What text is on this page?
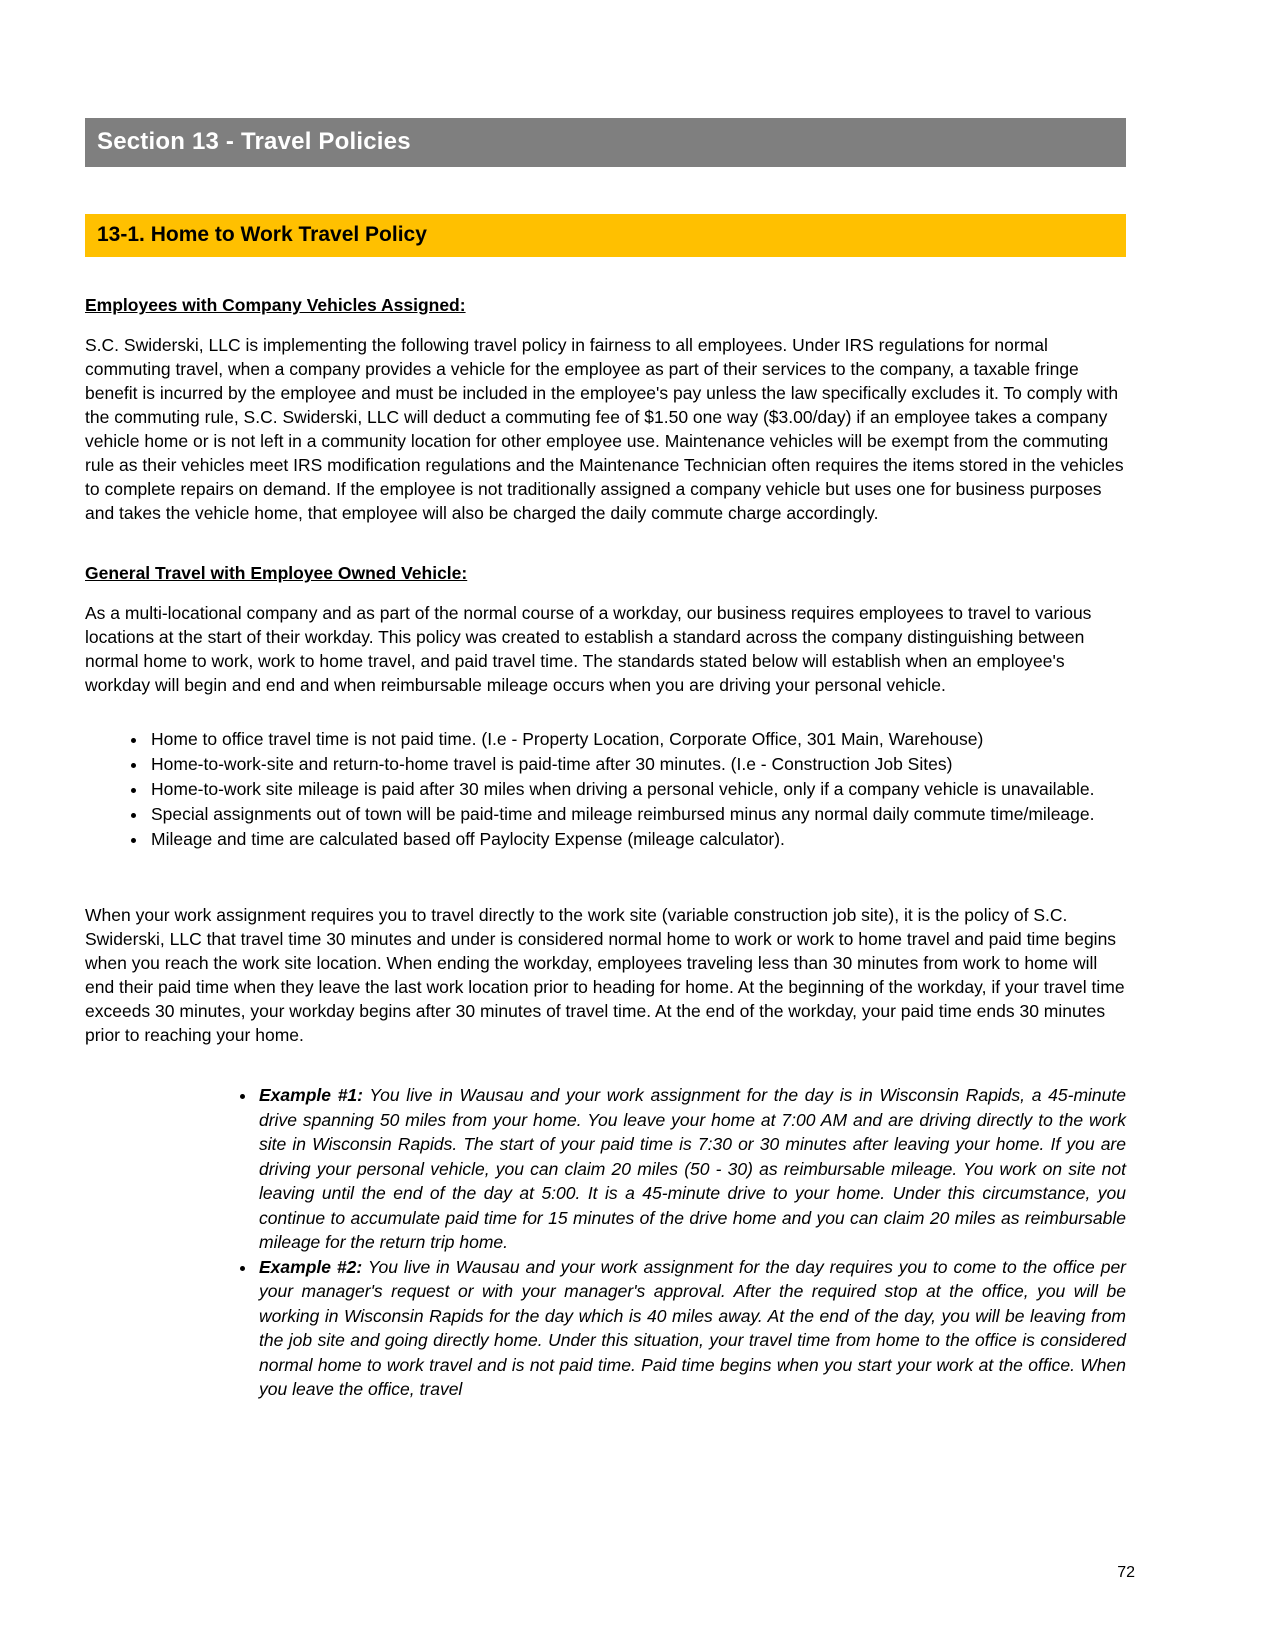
Section 13 - Travel Policies
13-1. Home to Work Travel Policy
Employees with Company Vehicles Assigned:

S.C. Swiderski, LLC is implementing the following travel policy in fairness to all employees. Under IRS regulations for normal commuting travel, when a company provides a vehicle for the employee as part of their services to the company, a taxable fringe benefit is incurred by the employee and must be included in the employee's pay unless the law specifically excludes it. To comply with the commuting rule, S.C. Swiderski, LLC will deduct a commuting fee of $1.50 one way ($3.00/day) if an employee takes a company vehicle home or is not left in a community location for other employee use. Maintenance vehicles will be exempt from the commuting rule as their vehicles meet IRS modification regulations and the Maintenance Technician often requires the items stored in the vehicles to complete repairs on demand. If the employee is not traditionally assigned a company vehicle but uses one for business purposes and takes the vehicle home, that employee will also be charged the daily commute charge accordingly.

General Travel with Employee Owned Vehicle:

As a multi-locational company and as part of the normal course of a workday, our business requires employees to travel to various locations at the start of their workday. This policy was created to establish a standard across the company distinguishing between normal home to work, work to home travel, and paid travel time. The standards stated below will establish when an employee's workday will begin and end and when reimbursable mileage occurs when you are driving your personal vehicle.

• Home to office travel time is not paid time. (I.e - Property Location, Corporate Office, 301 Main, Warehouse)
• Home-to-work-site and return-to-home travel is paid-time after 30 minutes. (I.e - Construction Job Sites)
• Home-to-work site mileage is paid after 30 miles when driving a personal vehicle, only if a company vehicle is unavailable.
• Special assignments out of town will be paid-time and mileage reimbursed minus any normal daily commute time/mileage.
• Mileage and time are calculated based off Paylocity Expense (mileage calculator).

When your work assignment requires you to travel directly to the work site (variable construction job site), it is the policy of S.C. Swiderski, LLC that travel time 30 minutes and under is considered normal home to work or work to home travel and paid time begins when you reach the work site location. When ending the workday, employees traveling less than 30 minutes from work to home will end their paid time when they leave the last work location prior to heading for home. At the beginning of the workday, if your travel time exceeds 30 minutes, your workday begins after 30 minutes of travel time. At the end of the workday, your paid time ends 30 minutes prior to reaching your home.

• Example #1: You live in Wausau and your work assignment for the day is in Wisconsin Rapids, a 45-minute drive spanning 50 miles from your home. You leave your home at 7:00 AM and are driving directly to the work site in Wisconsin Rapids. The start of your paid time is 7:30 or 30 minutes after leaving your home. If you are driving your personal vehicle, you can claim 20 miles (50 - 30) as reimbursable mileage. You work on site not leaving until the end of the day at 5:00. It is a 45-minute drive to your home. Under this circumstance, you continue to accumulate paid time for 15 minutes of the drive home and you can claim 20 miles as reimbursable mileage for the return trip home.
• Example #2: You live in Wausau and your work assignment for the day requires you to come to the office per your manager's request or with your manager's approval. After the required stop at the office, you will be working in Wisconsin Rapids for the day which is 40 miles away. At the end of the day, you will be leaving from the job site and going directly home. Under this situation, your travel time from home to the office is considered normal home to work travel and is not paid time. Paid time begins when you start your work at the office. When you leave the office, travel
72
